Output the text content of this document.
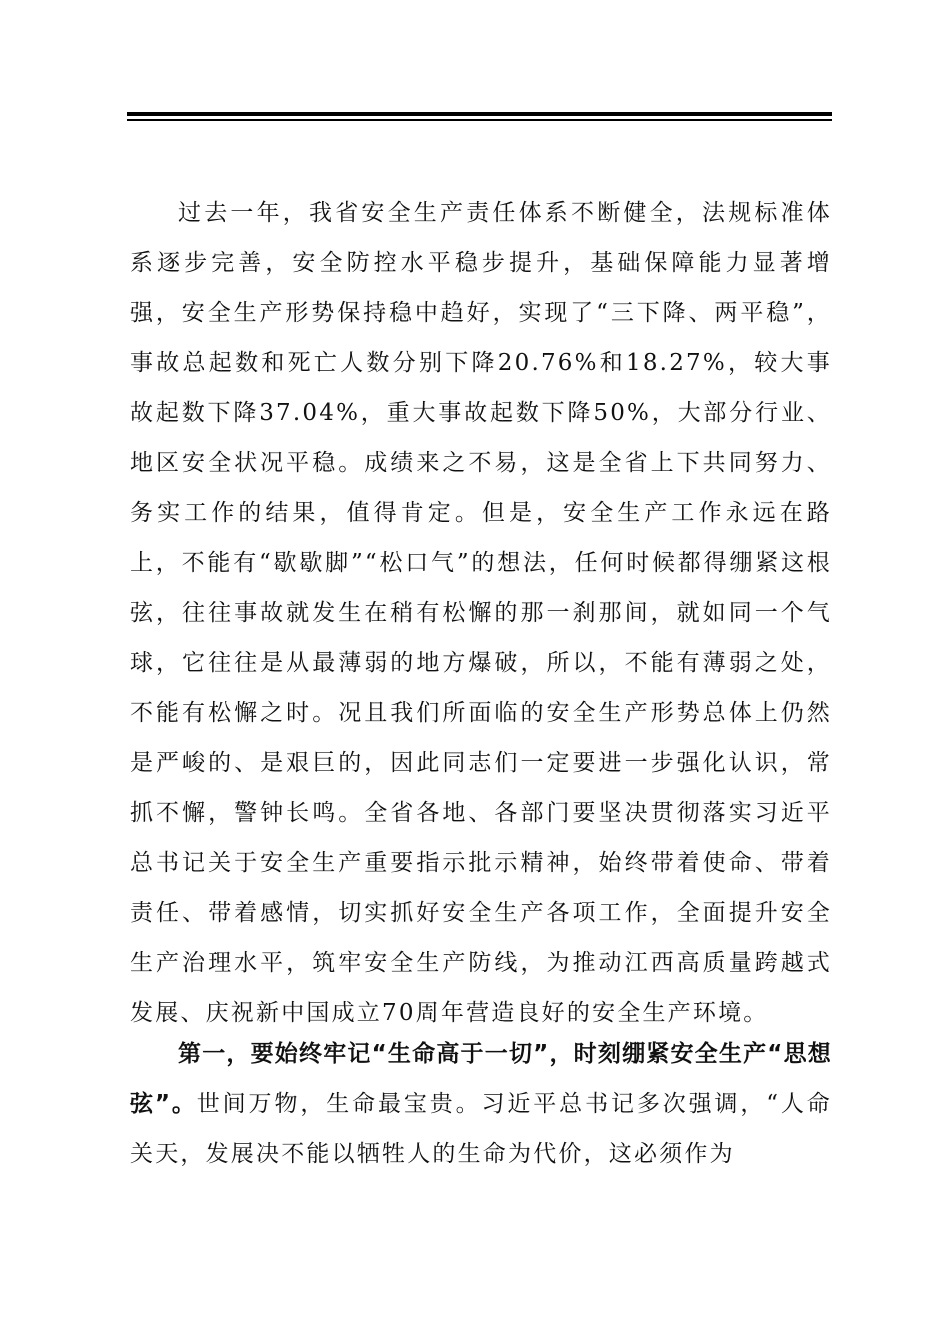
过去一年，我省安全生产责任体系不断健全，法规标准体系逐步完善，安全防控水平稳步提升，基础保障能力显著增强，安全生产形势保持稳中趋好，实现了“三下降、两平稳”，事故总起数和死亡人数分别下降20.76%和18.27%，较大事故起数下降37.04%，重大事故起数下降50%，大部分行业、地区安全状况平稳。成绩来之不易，这是全省上下共同努力、务实工作的结果，值得肯定。但是，安全生产工作永远在路上，不能有“歇歇脚”“松口气”的想法，任何时候都得绷紧这根弦，往往事故就发生在稍有松懈的那一刹那间，就如同一个气球，它往往是从最薄弱的地方爆破，所以，不能有薄弱之处，不能有松懈之时。况且我们所面临的安全生产形势总体上仍然是严峻的、是艰巨的，因此同志们一定要进一步强化认识，常抓不懈，警钟长鸣。全省各地、各部门要坚决贯彻落实习近平总书记关于安全生产重要指示批示精神，始终带着使命、带着责任、带着感情，切实抓好安全生产各项工作，全面提升安全生产治理水平，筑牢安全生产防线，为推动江西高质量跨越式发展、庆祝新中国成立70周年营造良好的安全生产环境。

第一，要始终牢记“生命高于一切”，时刻绷紧安全生产“思想弦”。世间万物，生命最宝贵。习近平总书记多次强调，“人命关天，发展决不能以牺牲人的生命为代价，这必须作为
